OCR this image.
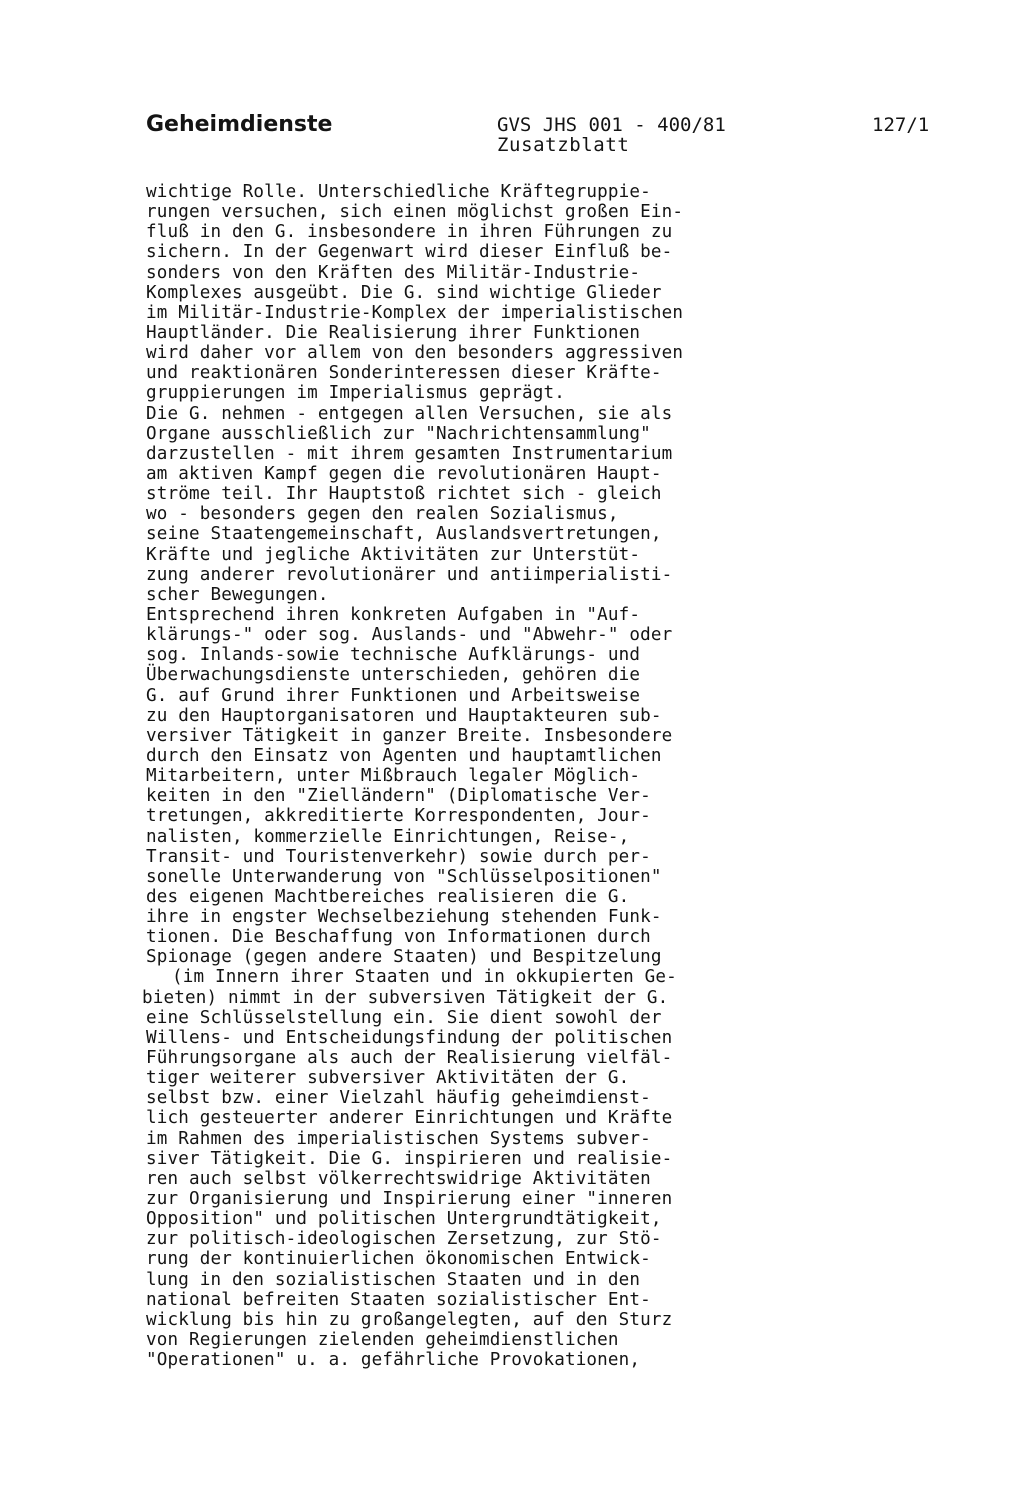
Geheimdienste	GVS JHS 001 - 400/81
Zusatzblatt
127/1
wichtige Rolle. Unterschiedliche Kräftegruppie-
rungen versuchen, sich einen möglichst großen Ein-
fluß in den G. insbesondere in ihren Führungen zu
sichern. In der Gegenwart wird dieser Einfluß be-
sonders von den Kräften des Militär-Industrie-
Komplexes ausgeübt. Die G. sind wichtige Glieder
im Militär-Industrie-Komplex der imperialistischen
Hauptländer. Die Realisierung ihrer Funktionen
wird daher vor allem von den besonders aggressiven
und reaktionären Sonderinteressen dieser Kräfte-
gruppierungen im Imperialismus geprägt.
Die G. nehmen - entgegen allen Versuchen, sie als
Organe ausschließlich zur "Nachrichtensammlung"
darzustellen - mit ihrem gesamten Instrumentarium
am aktiven Kampf gegen die revolutionären Haupt-
ströme teil. Ihr Hauptstoß richtet sich - gleich
wo - besonders gegen den realen Sozialismus,
seine Staatengemeinschaft, Auslandsvertretungen,
Kräfte und jegliche Aktivitäten zur Unterstüt-
zung anderer revolutionärer und antiimperialisti-
scher Bewegungen.
Entsprechend ihren konkreten Aufgaben in "Auf-
klärungs-" oder sog. Auslands- und "Abwehr-" oder
sog. Inlands-sowie technische Aufklärungs- und
Überwachungsdienste unterschieden, gehören die
G. auf Grund ihrer Funktionen und Arbeitsweise
zu den Hauptorganisatoren und Hauptakteuren sub-
versiver Tätigkeit in ganzer Breite. Insbesondere
durch den Einsatz von Agenten und hauptamtlichen
Mitarbeitern, unter Mißbrauch legaler Möglich-
keiten in den "Zielländern" (Diplomatische Ver-
tretungen, akkreditierte Korrespondenten, Jour-
nalisten, kommerzielle Einrichtungen, Reise-,
Transit- und Touristenverkehr) sowie durch per-
sonelle Unterwanderung von "Schlüsselpositionen"
des eigenen Machtbereiches realisieren die G.
ihre in engster Wechselbeziehung stehenden Funk-
tionen. Die Beschaffung von Informationen durch
Spionage (gegen andere Staaten) und Bespitzelung
(im Innern ihrer Staaten und in okkupierten Ge-
bieten) nimmt in der subversiven Tätigkeit der G.
eine Schlüsselstellung ein. Sie dient sowohl der
Willens- und Entscheidungsfindung der politischen
Führungsorgane als auch der Realisierung vielfäl-
tiger weiterer subversiver Aktivitäten der G.
selbst bzw. einer Vielzahl häufig geheimdienst-
lich gesteuerter anderer Einrichtungen und Kräfte
im Rahmen des imperialistischen Systems subver-
siver Tätigkeit. Die G. inspirieren und realisie-
ren auch selbst völkerrechtswidrige Aktivitäten
zur Organisierung und Inspirierung einer "inneren
Opposition" und politischen Untergrundtätigkeit,
zur politisch-ideologischen Zersetzung, zur Stö-
rung der kontinuierlichen ökonomischen Entwick-
lung in den sozialistischen Staaten und in den
national befreiten Staaten sozialistischer Ent-
wicklung bis hin zu großangelegten, auf den Sturz
von Regierungen zielenden geheimdienstlichen
"Operationen" u. a. gefährliche Provokationen,
